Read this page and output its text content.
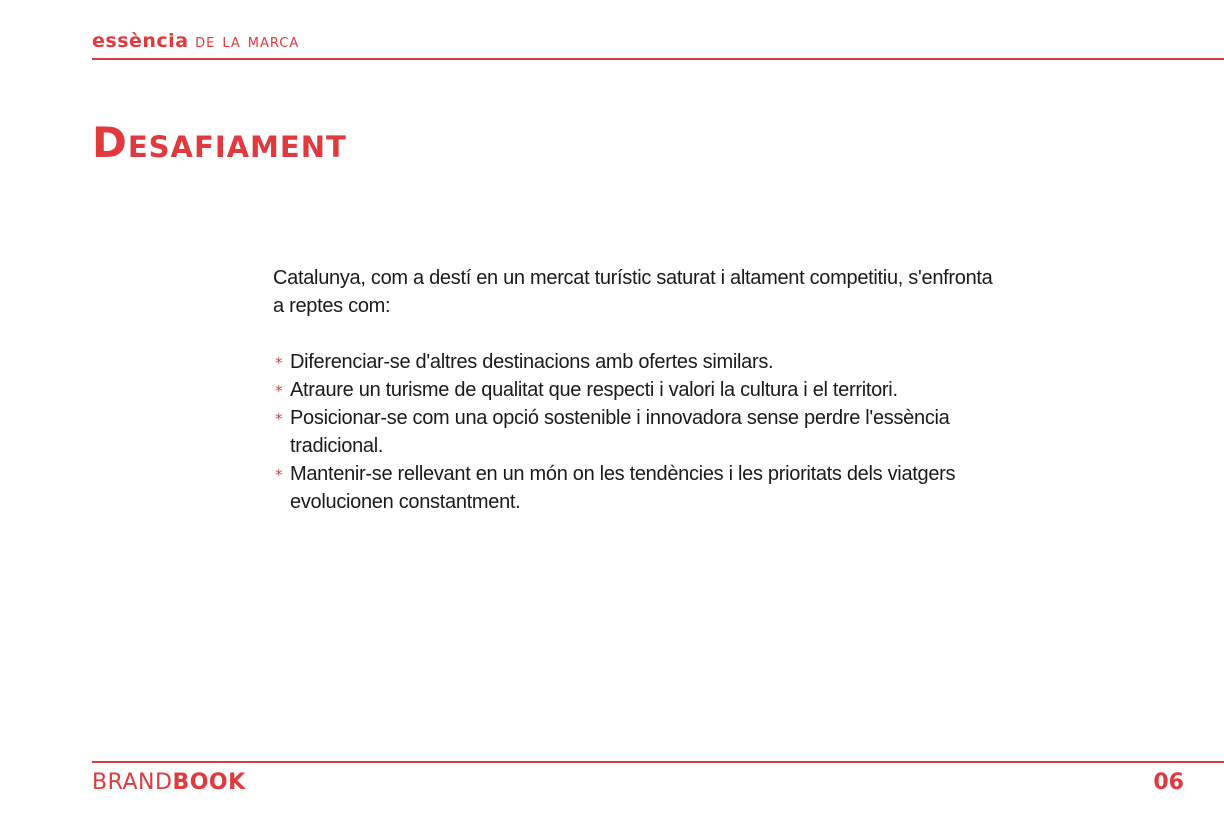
essència de la marca
Desafiament

Catalunya, com a destí en un mercat turístic saturat i altament competitiu, s'enfronta a reptes com:

* Diferenciar-se d'altres destinacions amb ofertes similars.
* Atraure un turisme de qualitat que respecti i valori la cultura i el territori.
* Posicionar-se com una opció sostenible i innovadora sense perdre l'essència tradicional.
* Mantenir-se rellevant en un món on les tendències i les prioritats dels viatgers evolucionen constantment.
BRANDBOOK	06
